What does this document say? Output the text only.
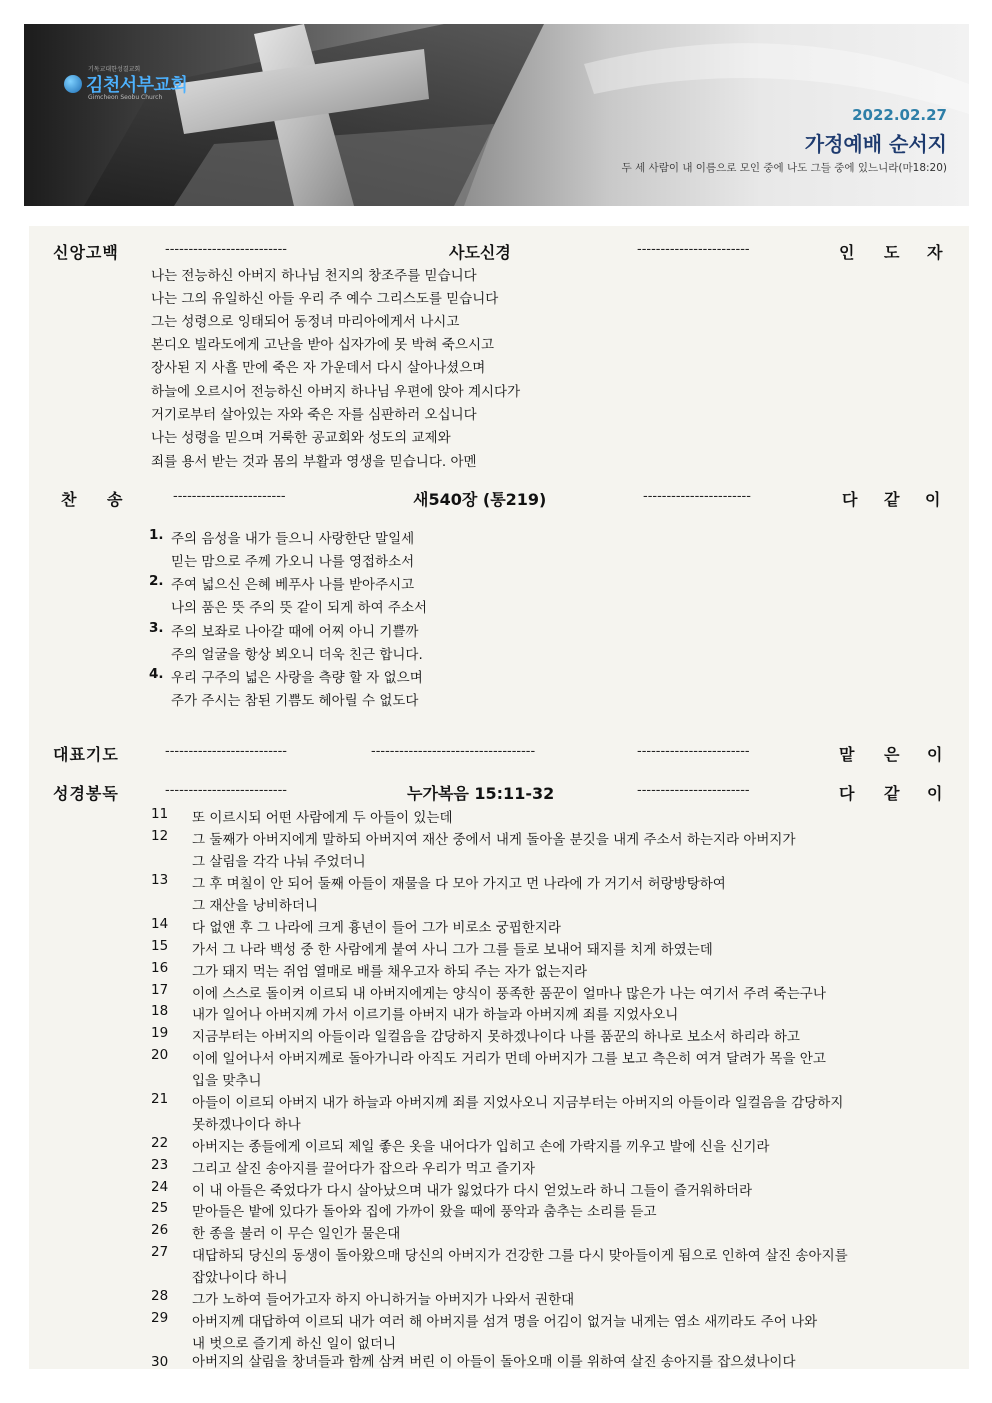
기독교대한성결교회
김천서부교회
Gimcheon Seobu Church
2022.02.27
가정예배 순서지
두 세 사람이 내 이름으로 모인 중에 나도 그들 중에 있느니라(마18:20)
신앙고백	--------------------------	사도신경	------------------------	인 도 자
나는 전능하신 아버지 하나님 천지의 창조주를 믿습니다
나는 그의 유일하신 아들 우리 주 예수 그리스도를 믿습니다
그는 성령으로 잉태되어 동정녀 마리아에게서 나시고
본디오 빌라도에게 고난을 받아 십자가에 못 박혀 죽으시고
장사된 지 사흘 만에 죽은 자 가운데서 다시 살아나셨으며
하늘에 오르시어 전능하신 아버지 하나님 우편에 앉아 계시다가
거기로부터 살아있는 자와 죽은 자를 심판하러 오십니다
나는 성령을 믿으며 거룩한 공교회와 성도의 교제와
죄를 용서 받는 것과 몸의 부활과 영생을 믿습니다. 아멘
찬 송	------------------------	새540장 (통219)	-----------------------	다 같 이
1. 주의 음성을 내가 들으니 사랑한단 말일세
믿는 맘으로 주께 가오니 나를 영접하소서
2. 주여 넓으신 은혜 베푸사 나를 받아주시고
나의 품은 뜻 주의 뜻 같이 되게 하여 주소서
3. 주의 보좌로 나아갈 때에 어찌 아니 기쁠까
주의 얼굴을 항상 뵈오니 더욱 친근 합니다.
4. 우리 구주의 넓은 사랑을 측량 할 자 없으며
주가 주시는 참된 기쁨도 헤아릴 수 없도다
대표기도	--------------------------	-----------------------------------	------------------------	맡 은 이
성경봉독	--------------------------	누가복음 15:11-32	------------------------	다 같 이
11 또 이르시되 어떤 사람에게 두 아들이 있는데
12 그 둘째가 아버지에게 말하되 아버지여 재산 중에서 내게 돌아올 분깃을 내게 주소서 하는지라 아버지가
그 살림을 각각 나눠 주었더니
13 그 후 며칠이 안 되어 둘째 아들이 재물을 다 모아 가지고 먼 나라에 가 거기서 허랑방탕하여
그 재산을 낭비하더니
14 다 없앤 후 그 나라에 크게 흉년이 들어 그가 비로소 궁핍한지라
15 가서 그 나라 백성 중 한 사람에게 붙여 사니 그가 그를 들로 보내어 돼지를 치게 하였는데
16 그가 돼지 먹는 쥐엄 열매로 배를 채우고자 하되 주는 자가 없는지라
17 이에 스스로 돌이켜 이르되 내 아버지에게는 양식이 풍족한 품꾼이 얼마나 많은가 나는 여기서 주려 죽는구나
18 내가 일어나 아버지께 가서 이르기를 아버지 내가 하늘과 아버지께 죄를 지었사오니
19 지금부터는 아버지의 아들이라 일컬음을 감당하지 못하겠나이다 나를 품꾼의 하나로 보소서 하리라 하고
20 이에 일어나서 아버지께로 돌아가니라 아직도 거리가 먼데 아버지가 그를 보고 측은히 여겨 달려가 목을 안고
입을 맞추니
21 아들이 이르되 아버지 내가 하늘과 아버지께 죄를 지었사오니 지금부터는 아버지의 아들이라 일컬음을 감당하지
못하겠나이다 하나
22 아버지는 종들에게 이르되 제일 좋은 옷을 내어다가 입히고 손에 가락지를 끼우고 발에 신을 신기라
23 그리고 살진 송아지를 끌어다가 잡으라 우리가 먹고 즐기자
24 이 내 아들은 죽었다가 다시 살아났으며 내가 잃었다가 다시 얻었노라 하니 그들이 즐거워하더라
25 맏아들은 밭에 있다가 돌아와 집에 가까이 왔을 때에 풍악과 춤추는 소리를 듣고
26 한 종을 불러 이 무슨 일인가 물은대
27 대답하되 당신의 동생이 돌아왔으매 당신의 아버지가 건강한 그를 다시 맞아들이게 됨으로 인하여 살진 송아지를
잡았나이다 하니
28 그가 노하여 들어가고자 하지 아니하거늘 아버지가 나와서 권한대
29 아버지께 대답하여 이르되 내가 여러 해 아버지를 섬겨 명을 어김이 없거늘 내게는 염소 새끼라도 주어 나와
내 벗으로 즐기게 하신 일이 없더니
30 아버지의 살림을 창녀들과 함께 삼켜 버린 이 아들이 돌아오매 이를 위하여 살진 송아지를 잡으셨나이다
